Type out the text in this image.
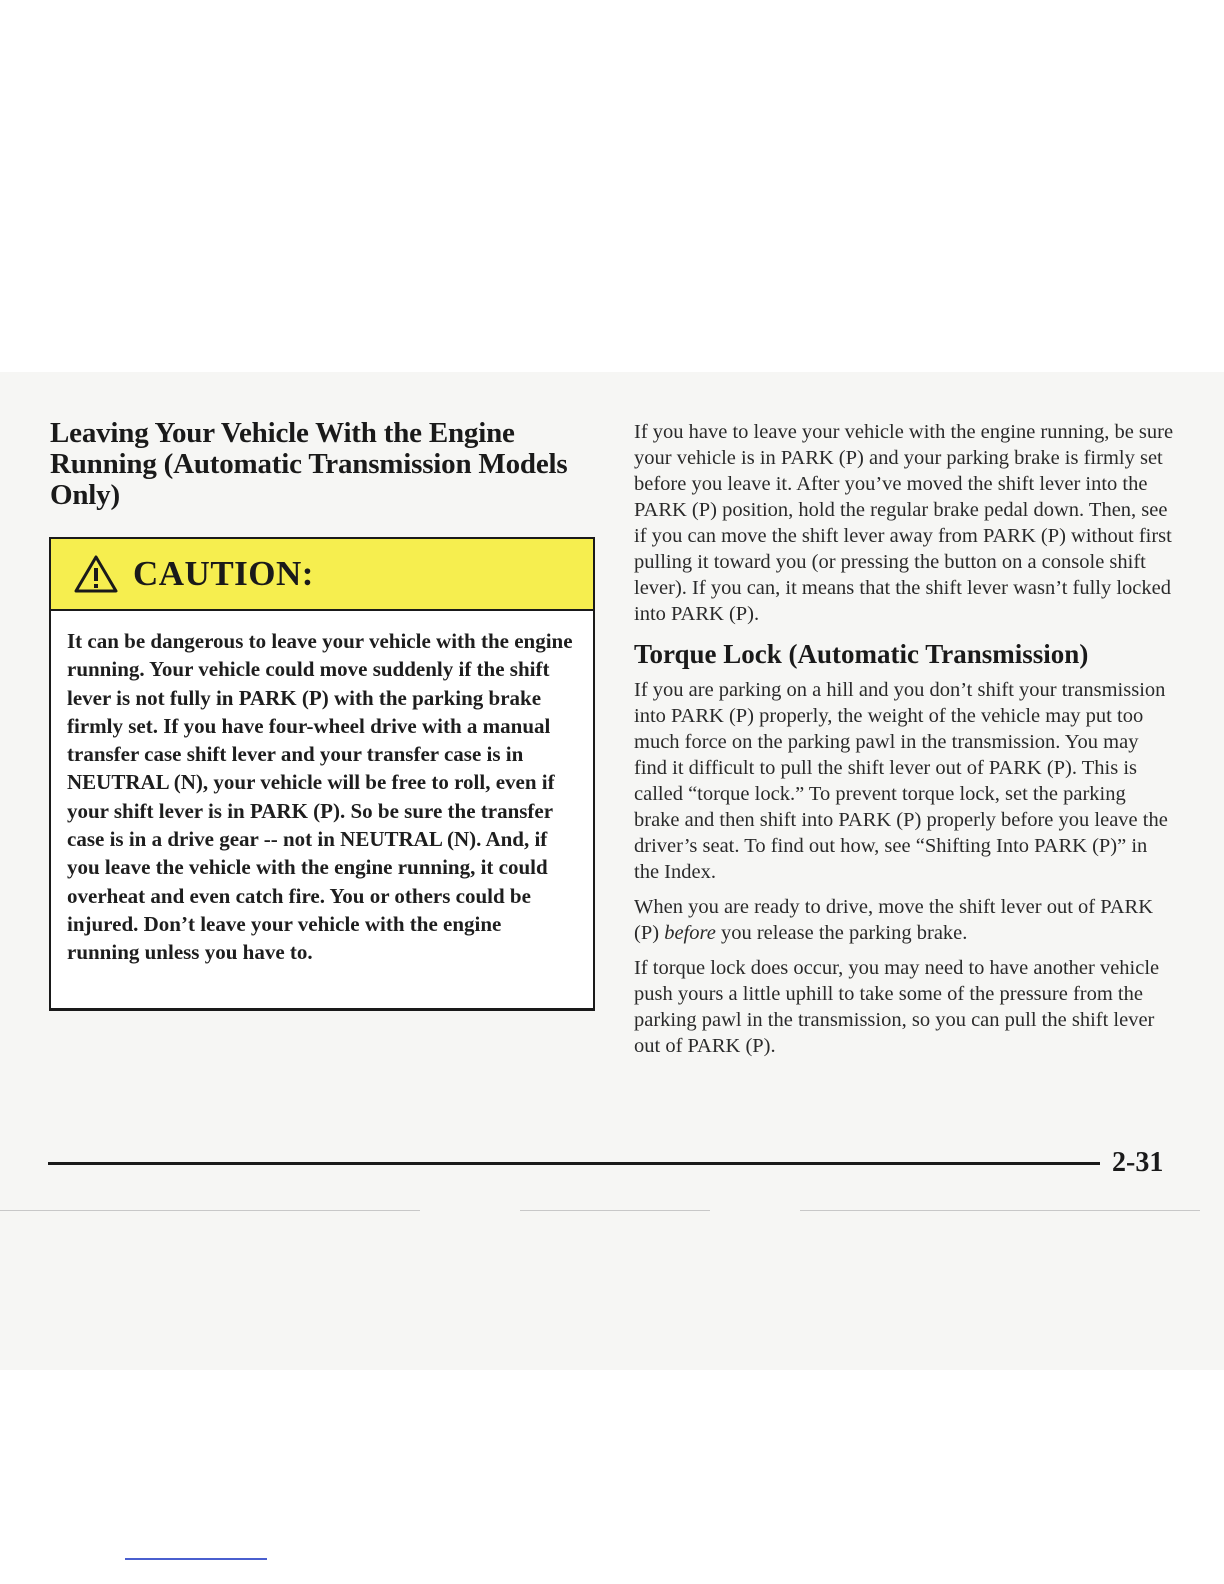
Leaving Your Vehicle With the Engine Running (Automatic Transmission Models Only)
CAUTION:

It can be dangerous to leave your vehicle with the engine running. Your vehicle could move suddenly if the shift lever is not fully in PARK (P) with the parking brake firmly set. If you have four-wheel drive with a manual transfer case shift lever and your transfer case is in NEUTRAL (N), your vehicle will be free to roll, even if your shift lever is in PARK (P). So be sure the transfer case is in a drive gear -- not in NEUTRAL (N). And, if you leave the vehicle with the engine running, it could overheat and even catch fire. You or others could be injured. Don’t leave your vehicle with the engine running unless you have to.

If you have to leave your vehicle with the engine running, be sure your vehicle is in PARK (P) and your parking brake is firmly set before you leave it. After you’ve moved the shift lever into the PARK (P) position, hold the regular brake pedal down. Then, see if you can move the shift lever away from PARK (P) without first pulling it toward you (or pressing the button on a console shift lever). If you can, it means that the shift lever wasn’t fully locked into PARK (P).

Torque Lock (Automatic Transmission)

If you are parking on a hill and you don’t shift your transmission into PARK (P) properly, the weight of the vehicle may put too much force on the parking pawl in the transmission. You may find it difficult to pull the shift lever out of PARK (P). This is called “torque lock.” To prevent torque lock, set the parking brake and then shift into PARK (P) properly before you leave the driver’s seat. To find out how, see “Shifting Into PARK (P)” in the Index.

When you are ready to drive, move the shift lever out of PARK (P) before you release the parking brake.

If torque lock does occur, you may need to have another vehicle push yours a little uphill to take some of the pressure from the parking pawl in the transmission, so you can pull the shift lever out of PARK (P).

2-31
